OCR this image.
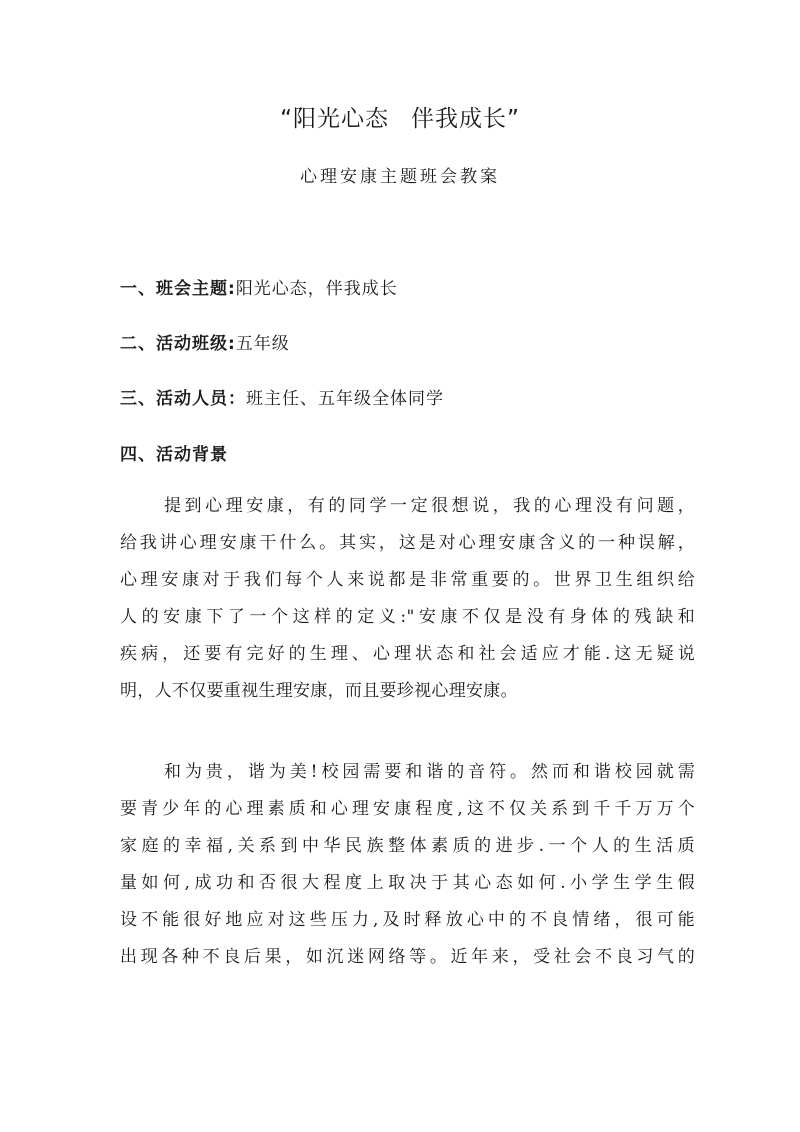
“阳光心态 伴我成长”
心理安康主题班会教案
一、班会主题:阳光心态，伴我成长
二、活动班级:五年级
三、活动人员：班主任、五年级全体同学
四、活动背景
提到心理安康，有的同学一定很想说，我的心理没有问题，
给我讲心理安康干什么。其实，这是对心理安康含义的一种误解，
心理安康对于我们每个人来说都是非常重要的。世界卫生组织给
人的安康下了一个这样的定义:"安康不仅是没有身体的残缺和
疾病，还要有完好的生理、心理状态和社会适应才能.这无疑说
明，人不仅要重视生理安康，而且要珍视心理安康。
和为贵，谐为美!校园需要和谐的音符。然而和谐校园就需
要青少年的心理素质和心理安康程度,这不仅关系到千千万万个
家庭的幸福,关系到中华民族整体素质的进步.一个人的生活质
量如何,成功和否很大程度上取决于其心态如何.小学生学生假
设不能很好地应对这些压力,及时释放心中的不良情绪，很可能
出现各种不良后果，如沉迷网络等。近年来，受社会不良习气的
